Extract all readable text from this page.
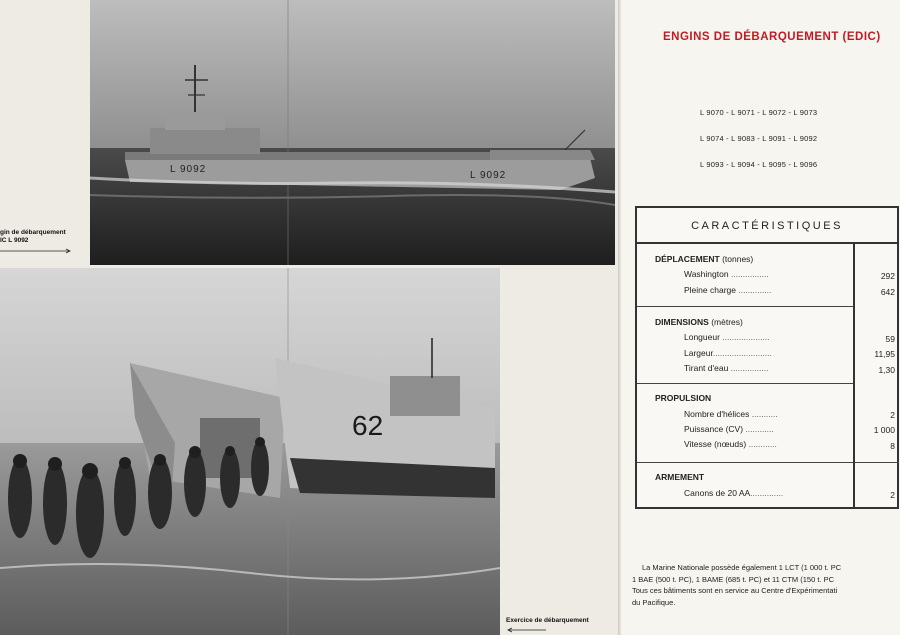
L 9092
L 9092
gin de débarquement
IC L 9092
62
Exercice de débarquement
ENGINS DE DÉBARQUEMENT (EDIC)
L 9070 - L 9071 - L 9072 - L 9073
L 9074 - L 9083 - L 9091 - L 9092
L 9093 - L 9094 - L 9095 - L 9096
CARACTÉRISTIQUES
DÉPLACEMENT (tonnes)
Washington ................	292
Pleine charge ..............	642
DIMENSIONS (mètres)
Longueur ....................	59
Largeur.........................	11,95
Tirant d'eau ................	1,30
PROPULSION
Nombre d'hélices ...........	2
Puissance (CV) ............	1 000
Vitesse (nœuds) ............	8
ARMEMENT
Canons de 20 AA..............	2
La Marine Nationale possède également 1 LCT (1 000 t. PC
1 BAE (500 t. PC), 1 BAME (685 t. PC) et 11 CTM (150 t. PC
Tous ces bâtiments sont en service au Centre d'Expérimentati
du Pacifique.
